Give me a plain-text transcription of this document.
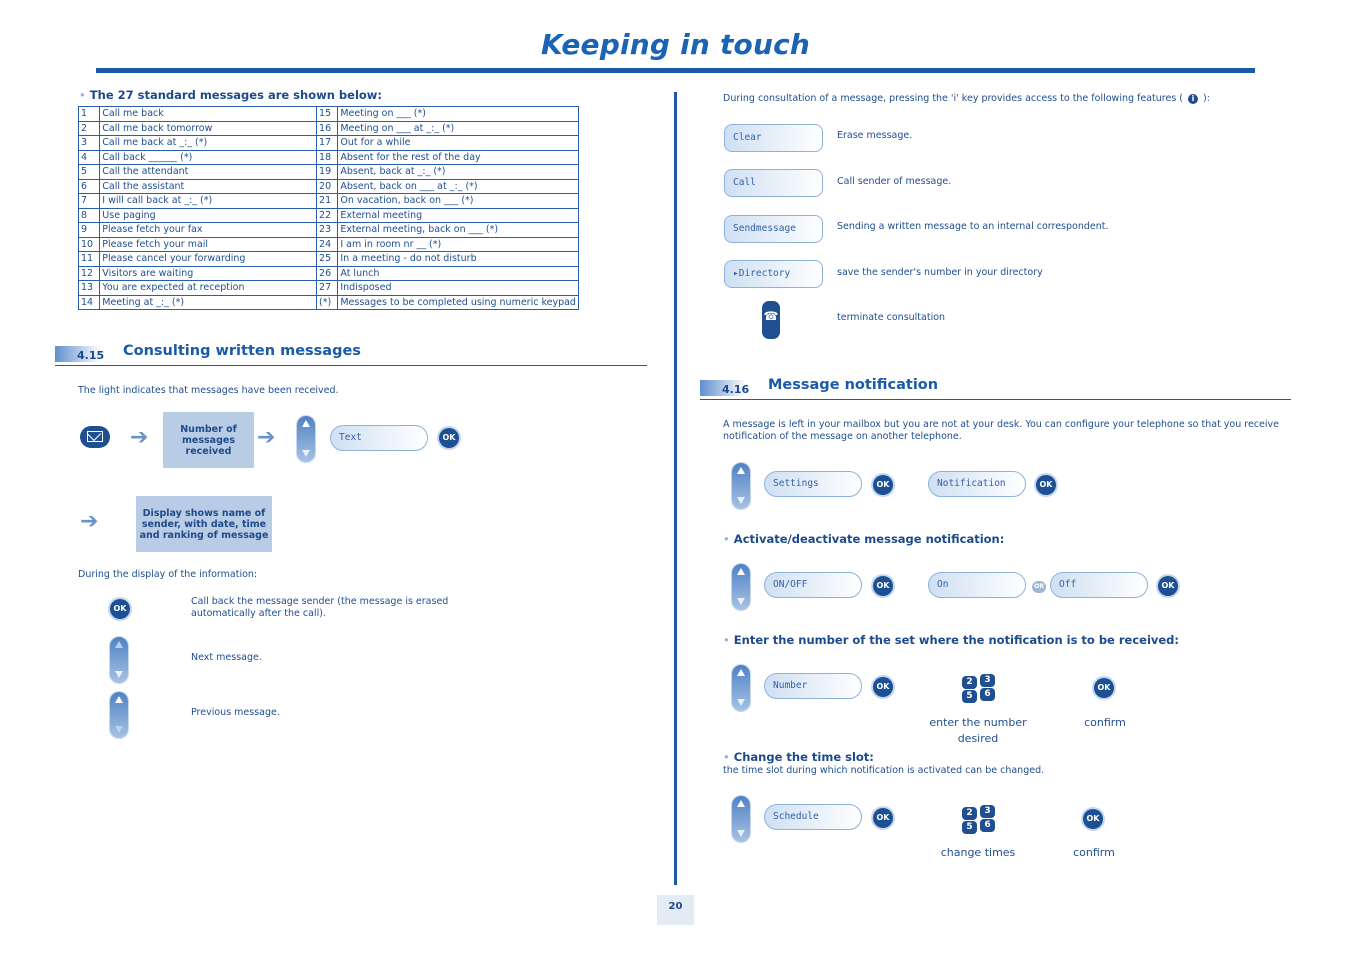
Keeping in touch
• The 27 standard messages are shown below:
1	Call me back	15	Meeting on ___ (*)
2	Call me back tomorrow	16	Meeting on ___ at _:_ (*)
3	Call me back at _:_ (*)	17	Out for a while
4	Call back ______ (*)	18	Absent for the rest of the day
5	Call the attendant	19	Absent, back at _:_ (*)
6	Call the assistant	20	Absent, back on ___ at _:_ (*)
7	I will call back at _:_ (*)	21	On vacation, back on ___ (*)
8	Use paging	22	External meeting
9	Please fetch your fax	23	External meeting, back on ___ (*)
10	Please fetch your mail	24	I am in room nr __ (*)
11	Please cancel your forwarding	25	In a meeting - do not disturb
12	Visitors are waiting	26	At lunch
13	You are expected at reception	27	Indisposed
14	Meeting at _:_ (*)	(*)	Messages to be completed using numeric keypad
4.15 Consulting written messages
The light indicates that messages have been received.
➔	Number of messages received
➔	Text	OK
➔	Display shows name of sender, with date, time and ranking of message
During the display of the information:
OK
Call back the message sender (the message is erased automatically after the call).
Next message.
Previous message.
During consultation of a message, pressing the 'i' key provides access to the following features ( i ):
Clear	Erase message.
Call	Call sender of message.
Sendmessage	Sending a written message to an internal correspondent.
▸Directory	save the sender's number in your directory
☎	terminate consultation
4.16 Message notification
A message is left in your mailbox but you are not at your desk. You can configure your telephone so that you receive notification of the message on another telephone.
Settings	OK	Notification	OK
• Activate/deactivate message notification:
ON/OFF	OK	On	OR	Off	OK
• Enter the number of the set where the notification is to be received:
Number	OK	2	3
5	6
OK
enter the number desired
confirm
• Change the time slot:
the time slot during which notification is activated can be changed.
Schedule	OK	2	3
5	6
OK
change times	confirm
20
